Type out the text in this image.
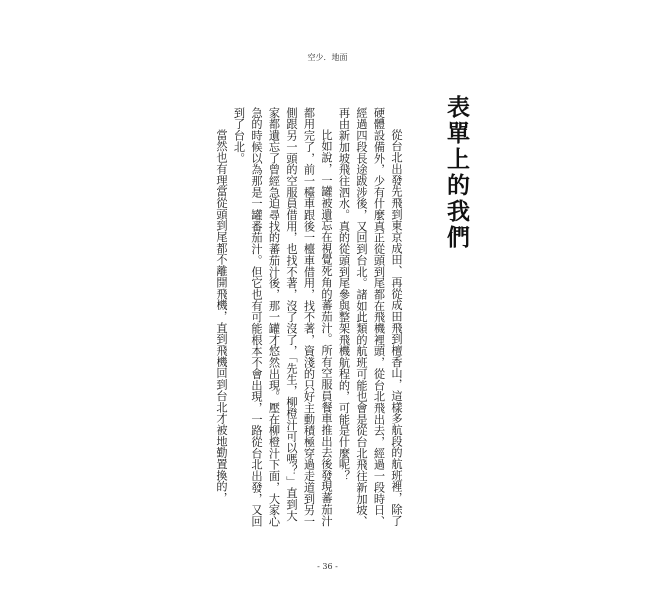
空少．地面
表單上的我們

從台北出發先飛到東京成田、再從成田飛到檀香山，這樣多航段的航班裡，除了硬體設備外，少有什麼真正從頭到尾都在飛機裡頭，從台北飛出去，經過一段時日、經過四段長途跋涉後，又回到台北。諸如此類的航班可能也會是從台北飛往新加坡、再由新加坡飛往泗水。真的從頭到尾參與整架飛機航程的，可能是什麼呢？

比如說，一罐被遺忘在視覺死角的蕃茄汁。所有空服員餐車推出去後發現蕃茄汁都用完了，前一檯車跟後一檯車借用，找不著，資淺的只好主動積極穿過走道到另一側跟另一頭的空服員借用，也找不著，沒了沒了，「先生，柳橙汁可以嗎？」直到大家都遺忘了曾經急迫尋找的蕃茄汁後，那一罐才悠然出現。壓在柳橙汁下面，大家心急的時候以為那是一罐番茄汁。但它也有可能根本不會出現，一路從台北出發，又回到了台北。

當然也有理當從頭到尾都不離開飛機，直到飛機回到台北才被地勤置換的，

- 36 -
